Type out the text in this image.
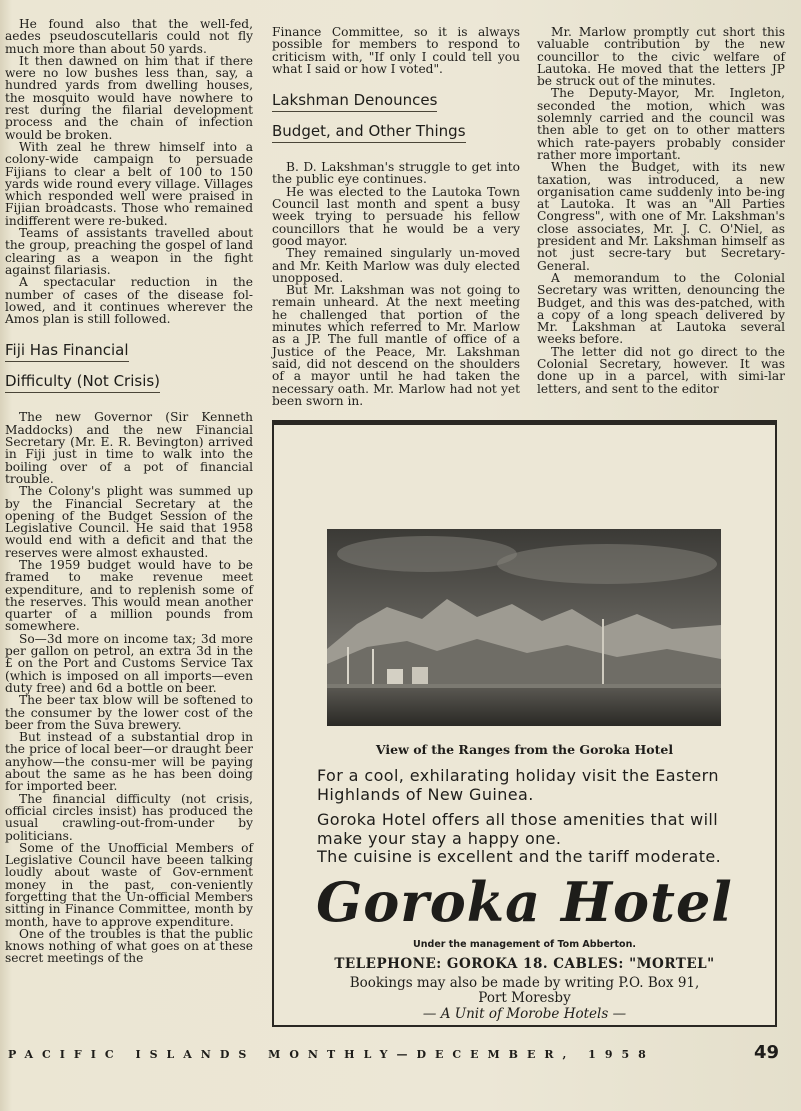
He found also that the well-fed, aedes pseudoscutellaris could not fly much more than about 50 yards.

It then dawned on him that if there were no low bushes less than, say, a hundred yards from dwelling houses, the mosquito would have nowhere to rest during the filarial development process and the chain of infection would be broken.

With zeal he threw himself into a colony-wide campaign to persuade Fijians to clear a belt of 100 to 150 yards wide round every village. Villages which responded well were praised in Fijian broadcasts. Those who remained indifferent were re-buked.

Teams of assistants travelled about the group, preaching the gospel of land clearing as a weapon in the fight against filariasis.

A spectacular reduction in the number of cases of the disease fol-lowed, and it continues wherever the Amos plan is still followed.

Fiji Has Financial
Difficulty (Not Crisis)

The new Governor (Sir Kenneth Maddocks) and the new Financial Secretary (Mr. E. R. Bevington) arrived in Fiji just in time to walk into the boiling over of a pot of financial trouble.

The Colony's plight was summed up by the Financial Secretary at the opening of the Budget Session of the Legislative Council. He said that 1958 would end with a deficit and that the reserves were almost exhausted.

The 1959 budget would have to be framed to make revenue meet expenditure, and to replenish some of the reserves. This would mean another quarter of a million pounds from somewhere.

So—3d more on income tax; 3d more per gallon on petrol, an extra 3d in the £ on the Port and Customs Service Tax (which is imposed on all imports—even duty free) and 6d a bottle on beer.

The beer tax blow will be softened to the consumer by the lower cost of the beer from the Suva brewery.

But instead of a substantial drop in the price of local beer—or draught beer anyhow—the consu-mer will be paying about the same as he has been doing for imported beer.

The financial difficulty (not crisis, official circles insist) has produced the usual crawling-out-from-under by politicians.

Some of the Unofficial Members of Legislative Council have beeen talking loudly about waste of Gov-ernment money in the past, con-veniently forgetting that the Un-official Members sitting in Finance Committee, month by month, have to approve expenditure.

One of the troubles is that the public knows nothing of what goes on at these secret meetings of the

Finance Committee, so it is always possible for members to respond to criticism with, "If only I could tell you what I said or how I voted".

Lakshman Denounces
Budget, and Other Things

B. D. Lakshman's struggle to get into the public eye continues.

He was elected to the Lautoka Town Council last month and spent a busy week trying to persuade his fellow councillors that he would be a very good mayor.

They remained singularly un-moved and Mr. Keith Marlow was duly elected unopposed.

But Mr. Lakshman was not going to remain unheard. At the next meeting he challenged that portion of the minutes which referred to Mr. Marlow as a JP. The full mantle of office of a Justice of the Peace, Mr. Lakshman said, did not descend on the shoulders of a mayor until he had taken the necessary oath. Mr. Marlow had not yet been sworn in.

Mr. Marlow promptly cut short this valuable contribution by the new councillor to the civic welfare of Lautoka. He moved that the letters JP be struck out of the minutes.

The Deputy-Mayor, Mr. Ingleton, seconded the motion, which was solemnly carried and the council was then able to get on to other matters which rate-payers probably consider rather more important.

When the Budget, with its new taxation, was introduced, a new organisation came suddenly into be-ing at Lautoka. It was an "All Parties Congress", with one of Mr. Lakshman's close associates, Mr. J. C. O'Niel, as president and Mr. Lakshman himself as not just secre-tary but Secretary-General.

A memorandum to the Colonial Secretary was written, denouncing the Budget, and this was des-patched, with a copy of a long speach delivered by Mr. Lakshman at Lautoka several weeks before.

The letter did not go direct to the Colonial Secretary, however. It was done up in a parcel, with simi-lar letters, and sent to the editor

View of the Ranges from the Goroka Hotel
For a cool, exhilarating holiday visit the Eastern Highlands of New Guinea.
Goroka Hotel offers all those amenities that will make your stay a happy one.
The cuisine is excellent and the tariff moderate.
Goroka Hotel
Under the management of Tom Abberton.
TELEPHONE: GOROKA 18. CABLES: "MORTEL"
Bookings may also be made by writing P.O. Box 91,
Port Moresby
— A Unit of Morobe Hotels —
PACIFIC ISLANDS MONTHLY—DECEMBER, 1958	49
